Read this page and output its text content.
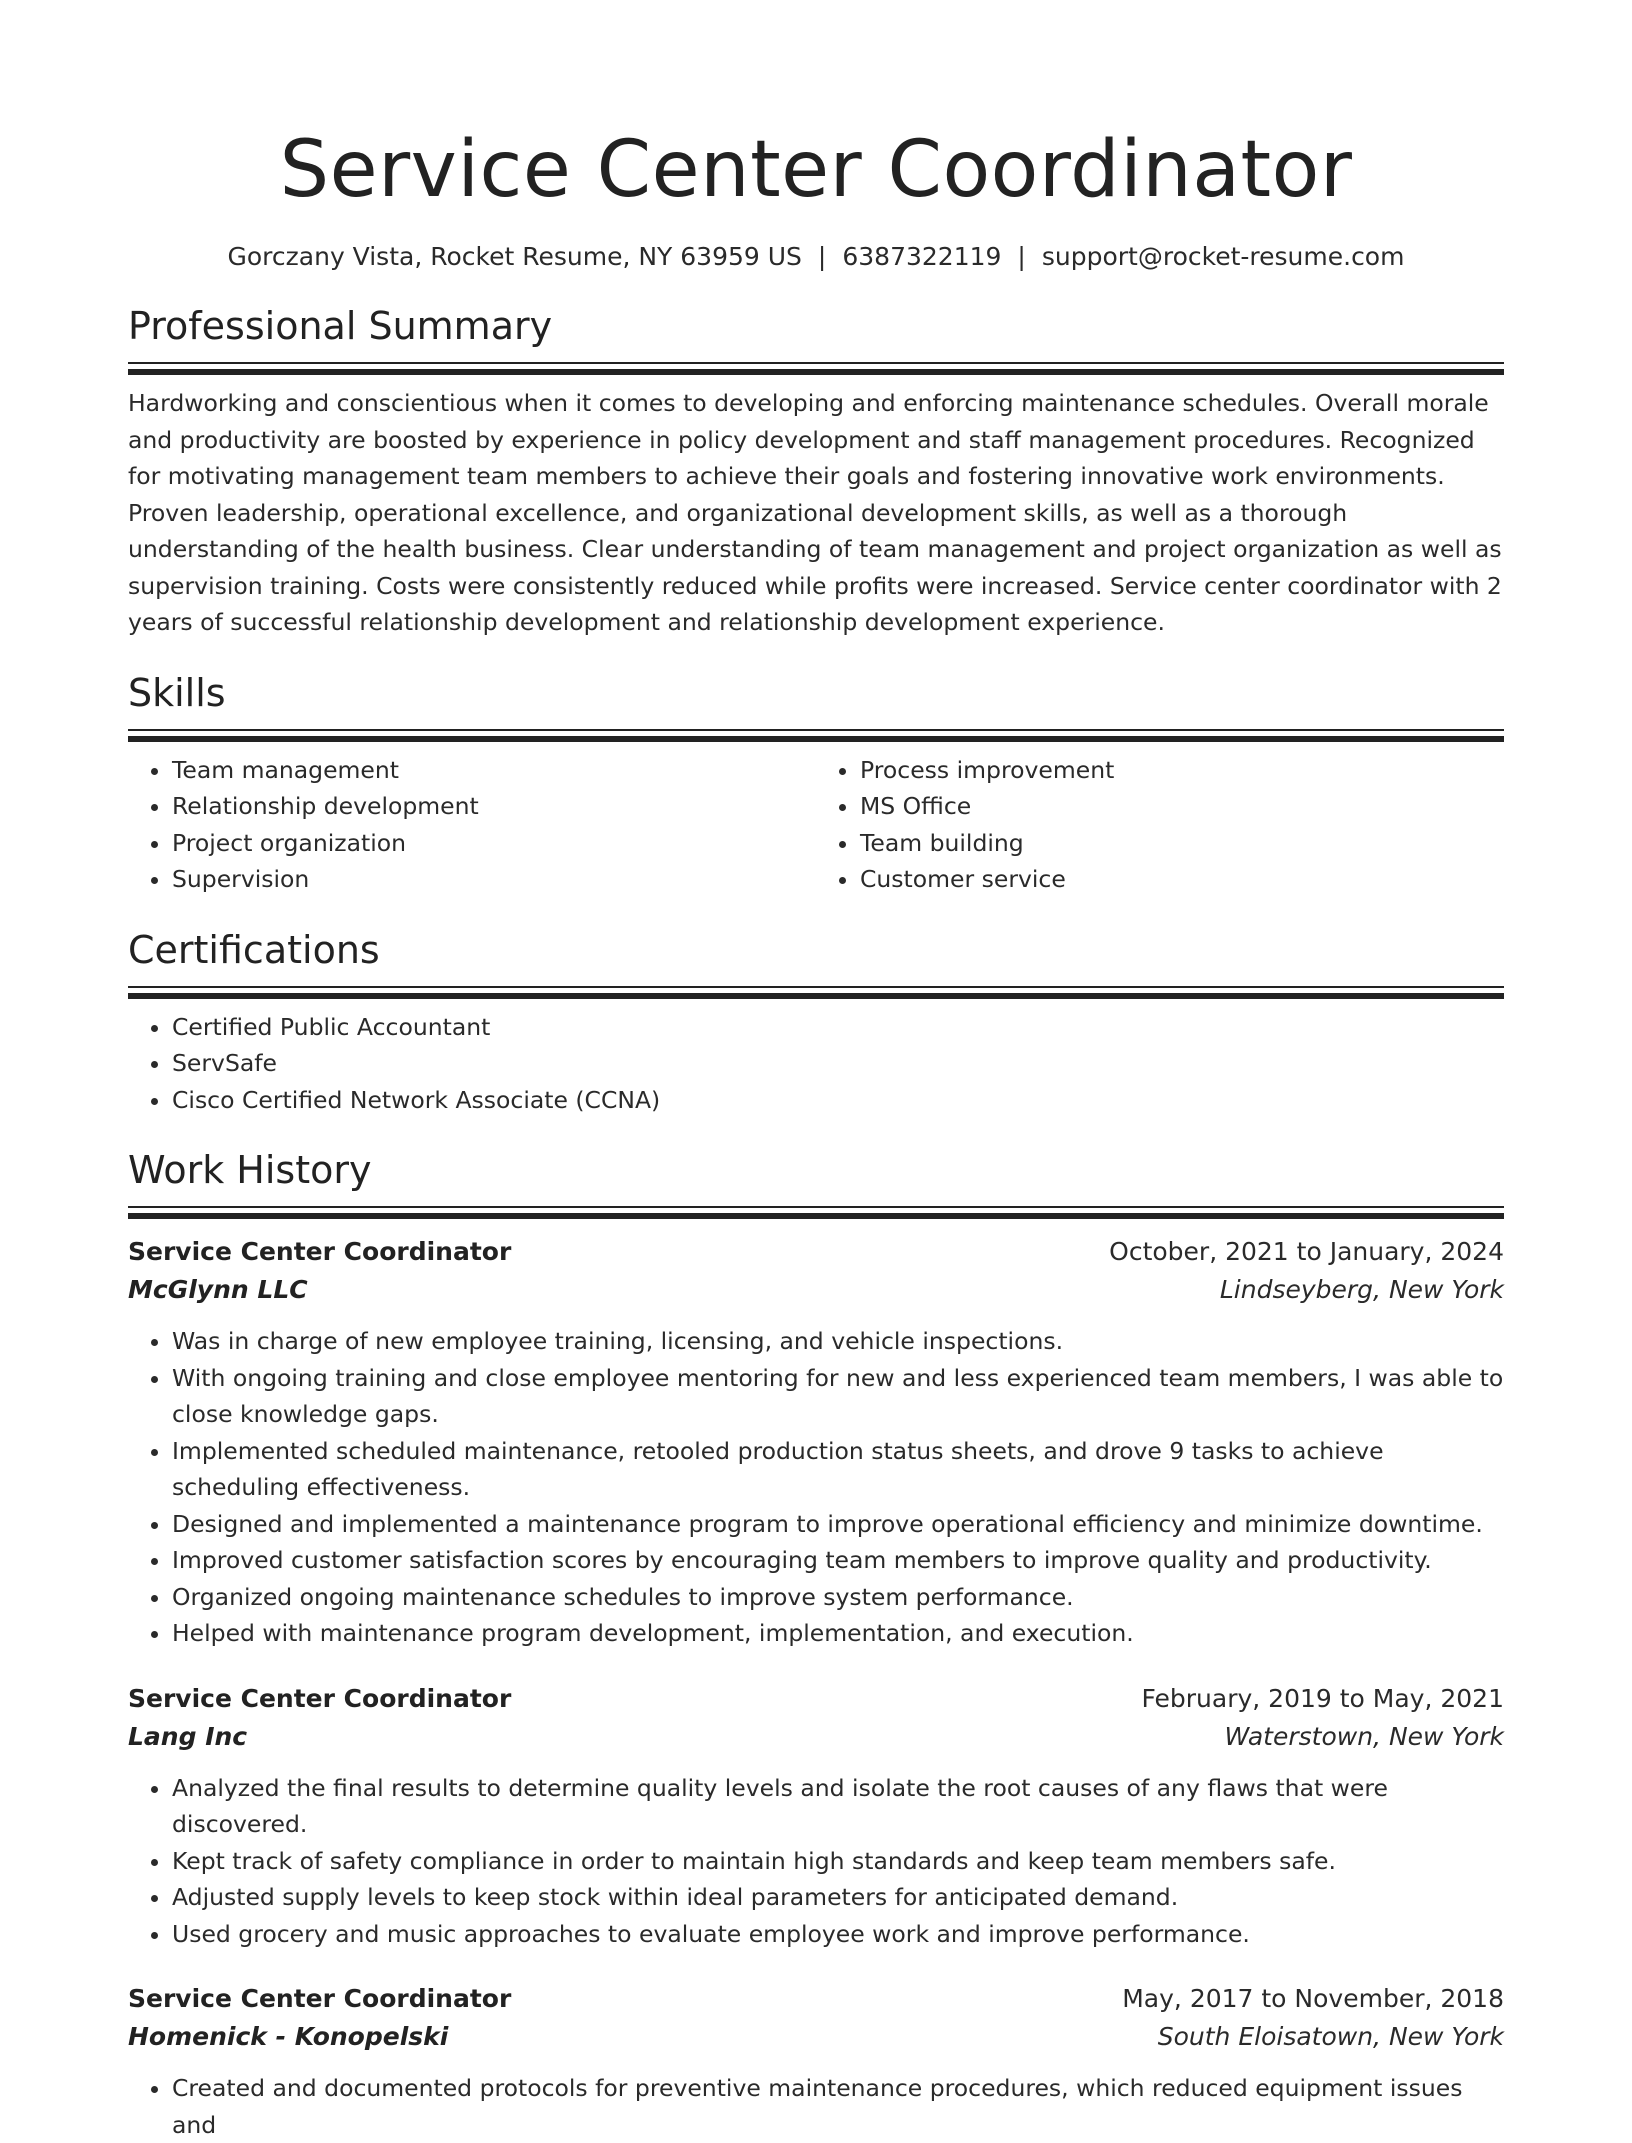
Service Center Coordinator
Gorczany Vista, Rocket Resume, NY 63959 US | 6387322119 | support@rocket-resume.com
Professional Summary
Hardworking and conscientious when it comes to developing and enforcing maintenance schedules. Overall morale and productivity are boosted by experience in policy development and staff management procedures. Recognized for motivating management team members to achieve their goals and fostering innovative work environments. Proven leadership, operational excellence, and organizational development skills, as well as a thorough understanding of the health business. Clear understanding of team management and project organization as well as supervision training. Costs were consistently reduced while profits were increased. Service center coordinator with 2 years of successful relationship development and relationship development experience.
Skills
• Team management
• Relationship development
• Project organization
• Supervision
• Process improvement
• MS Office
• Team building
• Customer service
Certifications
• Certified Public Accountant
• ServSafe
• Cisco Certified Network Associate (CCNA)
Work History
Service Center Coordinator	October, 2021 to January, 2024
McGlynn LLC	Lindseyberg, New York
• Was in charge of new employee training, licensing, and vehicle inspections.
• With ongoing training and close employee mentoring for new and less experienced team members, I was able to close knowledge gaps.
• Implemented scheduled maintenance, retooled production status sheets, and drove 9 tasks to achieve scheduling effectiveness.
• Designed and implemented a maintenance program to improve operational efficiency and minimize downtime.
• Improved customer satisfaction scores by encouraging team members to improve quality and productivity.
• Organized ongoing maintenance schedules to improve system performance.
• Helped with maintenance program development, implementation, and execution.
Service Center Coordinator	February, 2019 to May, 2021
Lang Inc	Waterstown, New York
• Analyzed the final results to determine quality levels and isolate the root causes of any flaws that were discovered.
• Kept track of safety compliance in order to maintain high standards and keep team members safe.
• Adjusted supply levels to keep stock within ideal parameters for anticipated demand.
• Used grocery and music approaches to evaluate employee work and improve performance.
Service Center Coordinator	May, 2017 to November, 2018
Homenick - Konopelski	South Eloisatown, New York
• Created and documented protocols for preventive maintenance procedures, which reduced equipment issues and
